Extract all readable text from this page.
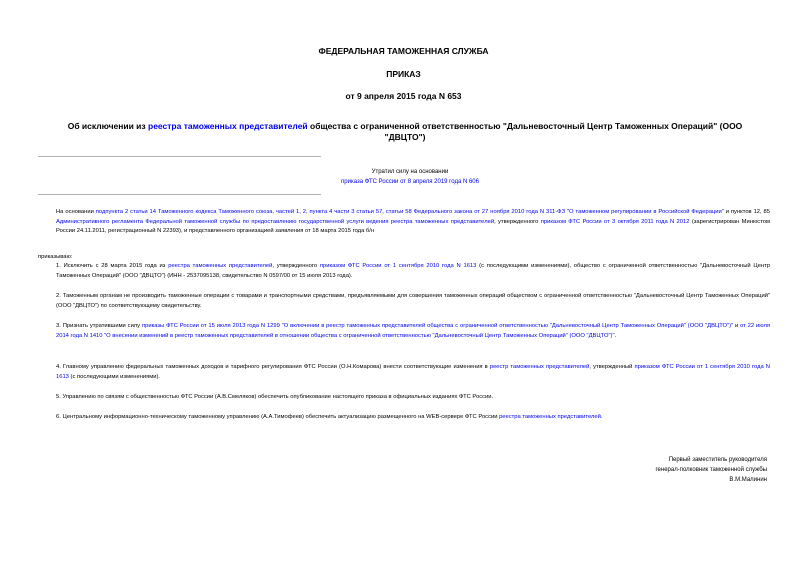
ФЕДЕРАЛЬНАЯ ТАМОЖЕННАЯ СЛУЖБА
ПРИКАЗ
от 9 апреля 2015 года N 653
Об исключении из реестра таможенных представителей общества с ограниченной ответственностью "Дальневосточный Центр Таможенных Операций" (ООО "ДВЦТО")
Утратил силу на основании
приказа ФТС России от 8 апреля 2019 года N 606
На основании подпункта 2 статьи 14 Таможенного кодекса Таможенного союза, частей 1, 2, пункта 4 части 3 статьи 57, статьи 58 Федерального закона от 27 ноября 2010 года N 311-ФЗ "О таможенном регулировании в Российской Федерации" и пунктов 12, 85 Административного регламента Федеральной таможенной службы по предоставлению государственной услуги ведения реестра таможенных представителей, утвержденного приказом ФТС России от 3 октября 2011 года N 2012 (зарегистрирован Минюстом России 24.11.2011, регистрационный N 22393), и представленного организацией заявления от 18 марта 2015 года б/н
приказываю:
1. Исключить с 28 марта 2015 года из реестра таможенных представителей, утвержденного приказом ФТС России от 1 сентября 2010 года N 1613 (с последующими изменениями), общество с ограниченной ответственностью "Дальневосточный Центр Таможенных Операций" (ООО "ДВЦТО") (ИНН - 2537095138, свидетельство N 0597/00 от 15 июля 2013 года).
2. Таможенным органам не производить таможенные операции с товарами и транспортными средствами, предъявляемыми для совершения таможенных операций обществом с ограниченной ответственностью "Дальневосточный Центр Таможенных Операций" (ООО "ДВЦТО") по соответствующему свидетельству.
3. Признать утратившими силу приказы ФТС России от 15 июля 2013 года N 1299 "О включении в реестр таможенных представителей общества с ограниченной ответственностью "Дальневосточный Центр Таможенных Операций" (ООО "ДВЦТО")" и от 22 июля 2014 года N 1410 "О внесении изменений в реестр таможенных представителей в отношении общества с ограниченной ответственностью "Дальневосточный Центр Таможенных Операций" (ООО "ДВЦТО")".
4. Главному управлению федеральных таможенных доходов и тарифного регулирования ФТС России (О.Н.Комарова) внести соответствующие изменения в реестр таможенных представителей, утвержденный приказом ФТС России от 1 сентября 2010 года N 1613 (с последующими изменениями).
5. Управлению по связям с общественностью ФТС России (А.В.Смеляков) обеспечить опубликование настоящего приказа в официальных изданиях ФТС России.
6. Центральному информационно-техническому таможенному управлению (А.А.Тимофеев) обеспечить актуализацию размещенного на WEB-сервере ФТС России реестра таможенных представителей.
Первый заместитель руководителя
генерал-полковник таможенной службы
В.М.Малинин
